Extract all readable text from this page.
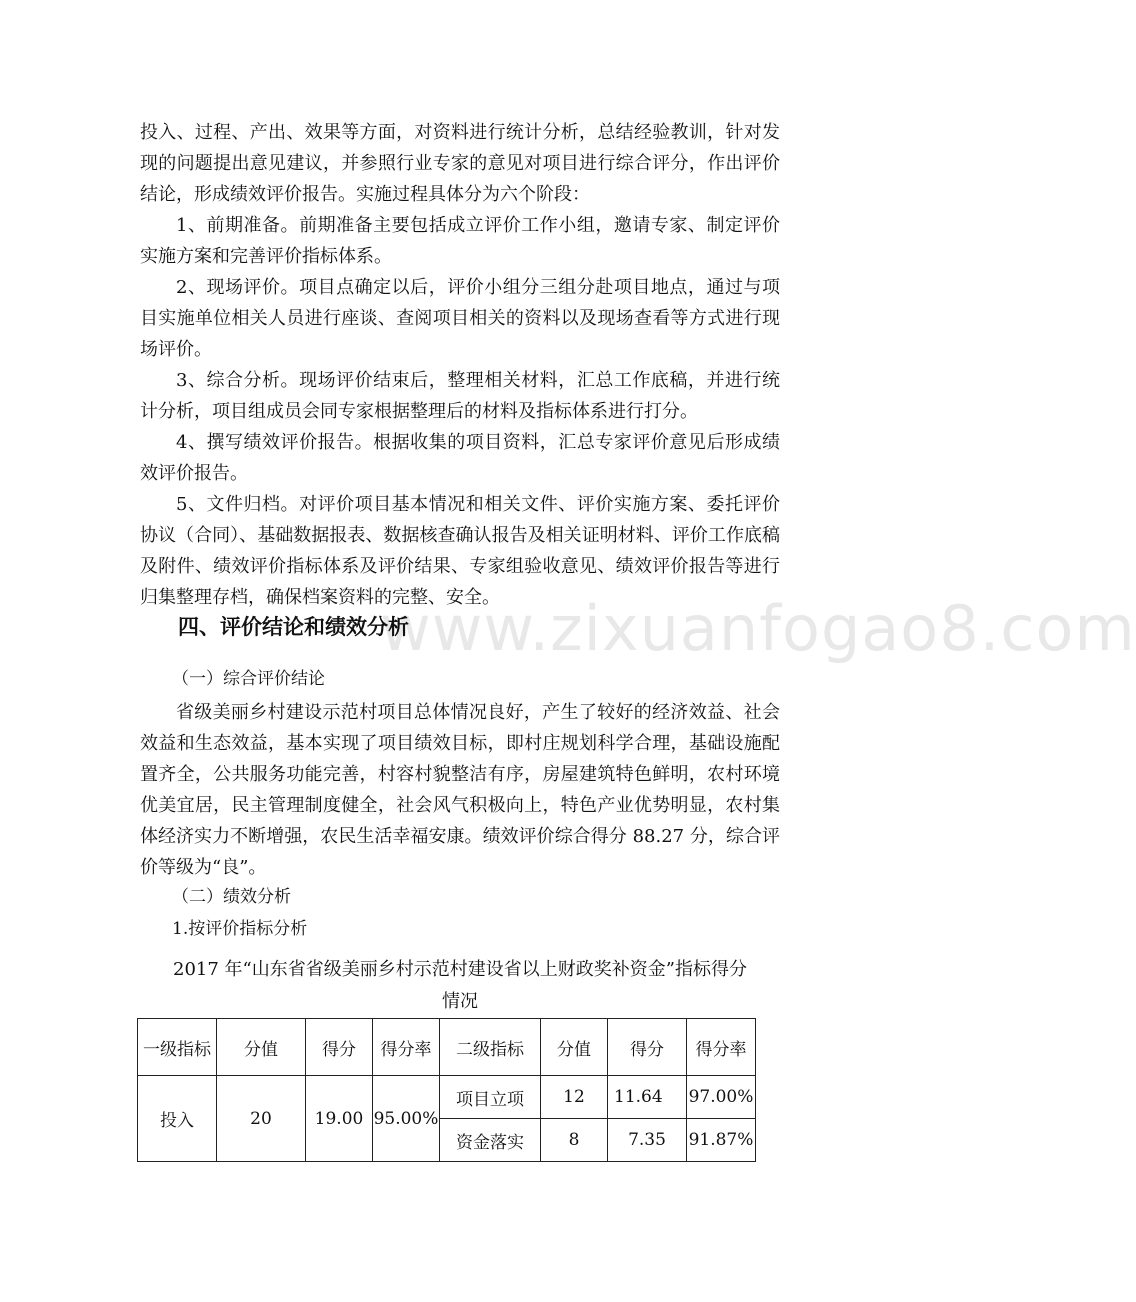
投入、过程、产出、效果等方面，对资料进行统计分析，总结经验教训，针对发现的问题提出意见建议，并参照行业专家的意见对项目进行综合评分，作出评价结论，形成绩效评价报告。实施过程具体分为六个阶段：

1、前期准备。前期准备主要包括成立评价工作小组，邀请专家、制定评价实施方案和完善评价指标体系。

2、现场评价。项目点确定以后，评价小组分三组分赴项目地点，通过与项目实施单位相关人员进行座谈、查阅项目相关的资料以及现场查看等方式进行现场评价。

3、综合分析。现场评价结束后，整理相关材料，汇总工作底稿，并进行统计分析，项目组成员会同专家根据整理后的材料及指标体系进行打分。

4、撰写绩效评价报告。根据收集的项目资料，汇总专家评价意见后形成绩效评价报告。

5、文件归档。对评价项目基本情况和相关文件、评价实施方案、委托评价协议（合同）、基础数据报表、数据核查确认报告及相关证明材料、评价工作底稿及附件、绩效评价指标体系及评价结果、专家组验收意见、绩效评价报告等进行归集整理存档，确保档案资料的完整、安全。

www.zixuanfogao8.com

四、评价结论和绩效分析

（一）综合评价结论

省级美丽乡村建设示范村项目总体情况良好，产生了较好的经济效益、社会效益和生态效益，基本实现了项目绩效目标，即村庄规划科学合理，基础设施配置齐全，公共服务功能完善，村容村貌整洁有序，房屋建筑特色鲜明，农村环境优美宜居，民主管理制度健全，社会风气积极向上，特色产业优势明显，农村集体经济实力不断增强，农民生活幸福安康。绩效评价综合得分 88.27 分，综合评价等级为“良”。

（二）绩效分析

1.按评价指标分析

2017 年“山东省省级美丽乡村示范村建设省以上财政奖补资金”指标得分

情况

一级指标	分值	得分	得分率	二级指标	分值	得分	得分率
投入	20	19.00	95.00%	项目立项	12	11.64	97.00%
				资金落实	8	7.35	91.87%
